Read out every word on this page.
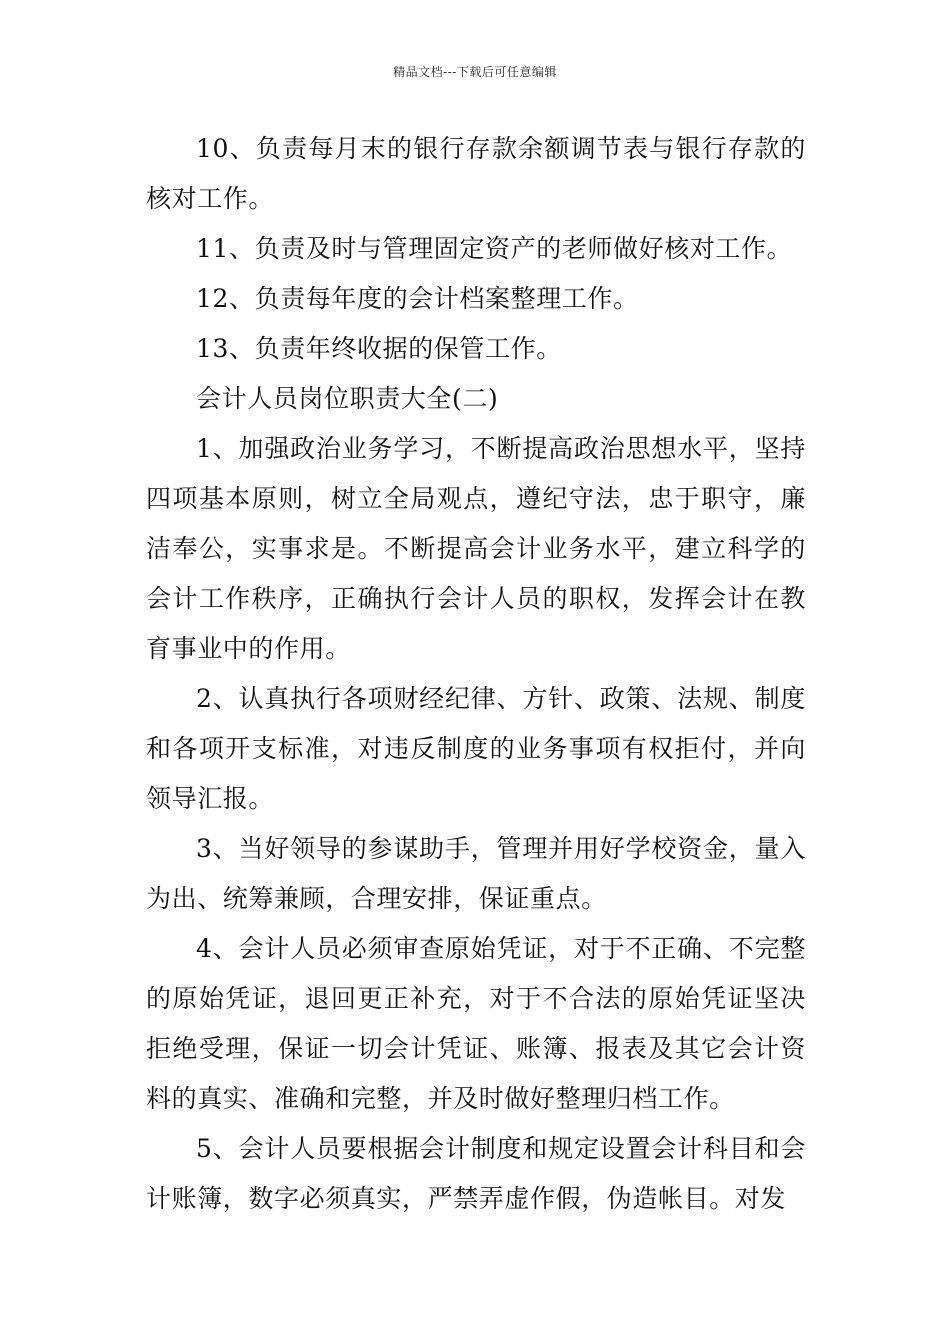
精品文档---下载后可任意编辑

10、负责每月末的银行存款余额调节表与银行存款的核对工作。

11、负责及时与管理固定资产的老师做好核对工作。

12、负责每年度的会计档案整理工作。

13、负责年终收据的保管工作。

会计人员岗位职责大全(二)

1、加强政治业务学习，不断提高政治思想水平，坚持四项基本原则，树立全局观点，遵纪守法，忠于职守，廉洁奉公，实事求是。不断提高会计业务水平，建立科学的会计工作秩序，正确执行会计人员的职权，发挥会计在教育事业中的作用。

2、认真执行各项财经纪律、方针、政策、法规、制度和各项开支标准，对违反制度的业务事项有权拒付，并向领导汇报。

3、当好领导的参谋助手，管理并用好学校资金，量入为出、统筹兼顾，合理安排，保证重点。

4、会计人员必须审查原始凭证，对于不正确、不完整的原始凭证，退回更正补充，对于不合法的原始凭证坚决拒绝受理，保证一切会计凭证、账簿、报表及其它会计资料的真实、准确和完整，并及时做好整理归档工作。

5、会计人员要根据会计制度和规定设置会计科目和会计账簿，数字必须真实，严禁弄虚作假，伪造帐目。对发
